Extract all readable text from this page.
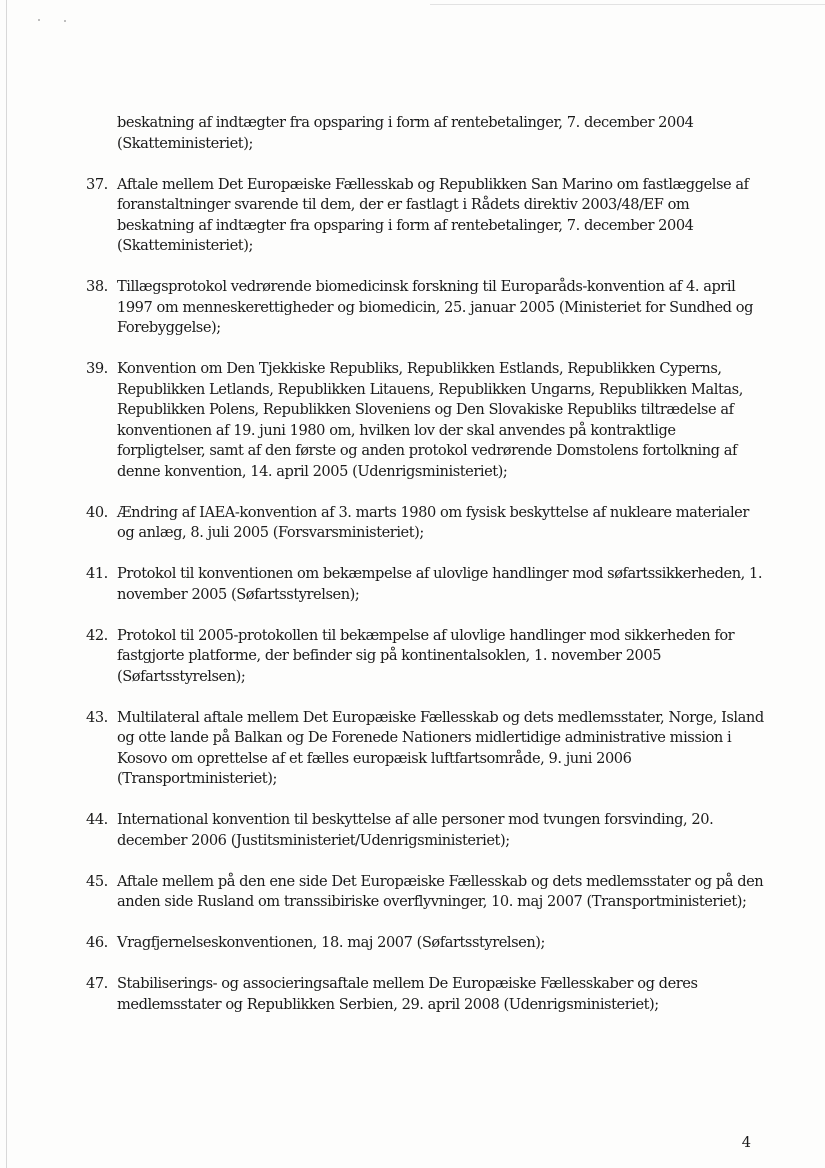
beskatning af indtægter fra opsparing i form af rentebetalinger, 7. december 2004 (Skatteministeriet);
37. Aftale mellem Det Europæiske Fællesskab og Republikken San Marino om fastlæggelse af foranstaltninger svarende til dem, der er fastlagt i Rådets direktiv 2003/48/EF om beskatning af indtægter fra opsparing i form af rentebetalinger, 7. december 2004 (Skatteministeriet);
38. Tillægsprotokol vedrørende biomedicinsk forskning til Europaråds-konvention af 4. april 1997 om menneskerettigheder og biomedicin, 25. januar 2005 (Ministeriet for Sundhed og Forebyggelse);
39. Konvention om Den Tjekkiske Republiks, Republikken Estlands, Republikken Cyperns, Republikken Letlands, Republikken Litauens, Republikken Ungarns, Republikken Maltas, Republikken Polens, Republikken Sloveniens og Den Slovakiske Republiks tiltrædelse af konventionen af 19. juni 1980 om, hvilken lov der skal anvendes på kontraktlige forpligtelser, samt af den første og anden protokol vedrørende Domstolens fortolkning af denne konvention, 14. april 2005 (Udenrigsministeriet);
40. Ændring af IAEA-konvention af 3. marts 1980 om fysisk beskyttelse af nukleare materialer og anlæg, 8. juli 2005 (Forsvarsministeriet);
41. Protokol til konventionen om bekæmpelse af ulovlige handlinger mod søfartssikkerheden, 1. november 2005 (Søfartsstyrelsen);
42. Protokol til 2005-protokollen til bekæmpelse af ulovlige handlinger mod sikkerheden for fastgjorte platforme, der befinder sig på kontinentalsoklen, 1. november 2005 (Søfartsstyrelsen);
43. Multilateral aftale mellem Det Europæiske Fællesskab og dets medlemsstater, Norge, Island og otte lande på Balkan og De Forenede Nationers midlertidige administrative mission i Kosovo om oprettelse af et fælles europæisk luftfartsområde, 9. juni 2006 (Transportministeriet);
44. International konvention til beskyttelse af alle personer mod tvungen forsvinding, 20. december 2006 (Justitsministeriet/Udenrigsministeriet);
45. Aftale mellem på den ene side Det Europæiske Fællesskab og dets medlemsstater og på den anden side Rusland om transsibiriske overflyvninger, 10. maj 2007 (Transportministeriet);
46. Vragfjernelseskonventionen, 18. maj 2007 (Søfartsstyrelsen);
47. Stabiliserings- og associeringsaftale mellem De Europæiske Fællesskaber og deres medlemsstater og Republikken Serbien, 29. april 2008 (Udenrigsministeriet);
4
